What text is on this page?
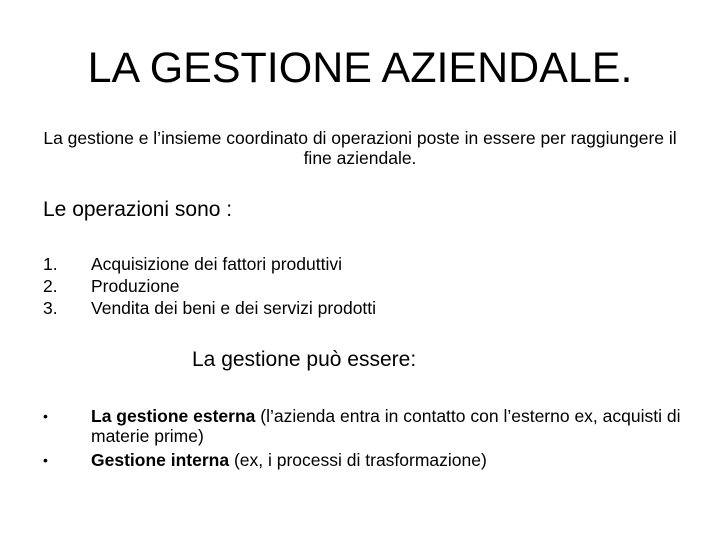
LA GESTIONE AZIENDALE.
La gestione e l’insieme coordinato di operazioni poste in essere per raggiungere il fine aziendale.
Le operazioni sono :
1.	Acquisizione dei fattori produttivi
2.	Produzione
3.	Vendita dei beni e dei servizi prodotti
La gestione può essere:
•	La gestione esterna (l’azienda entra in contatto con l’esterno ex, acquisti di materie prime)
•	Gestione interna (ex, i processi di trasformazione)
